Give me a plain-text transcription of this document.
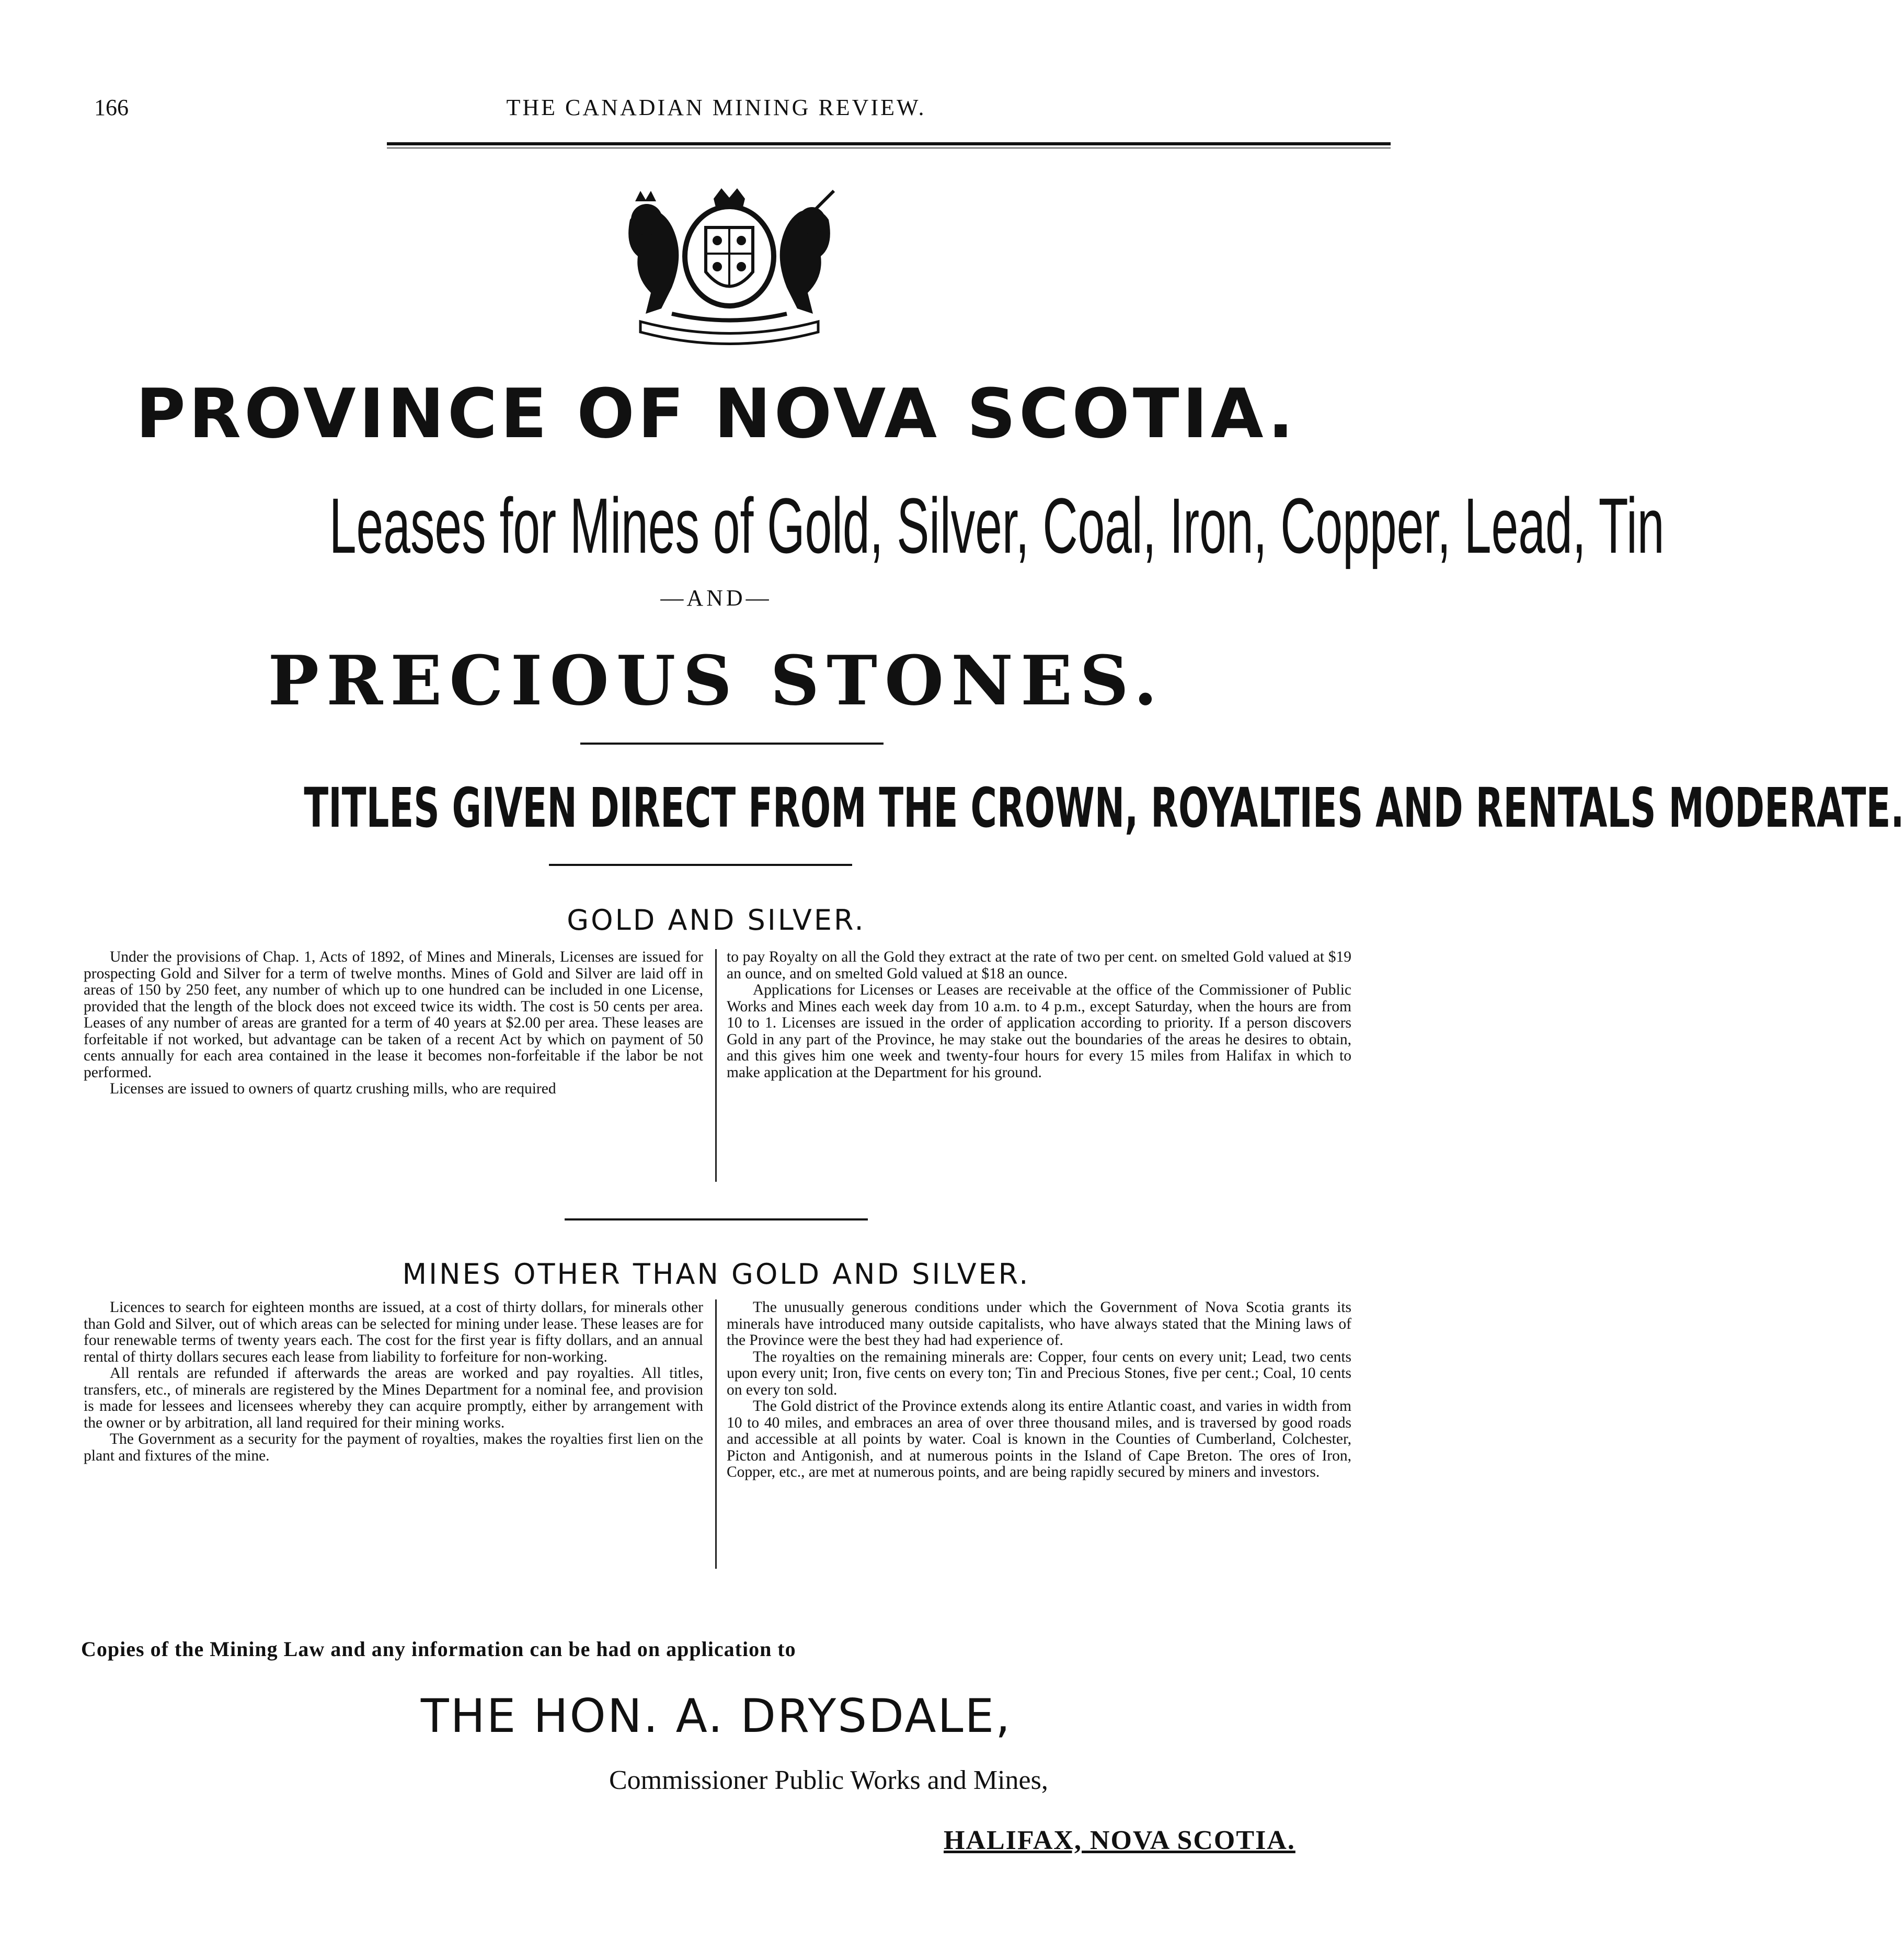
166	THE CANADIAN MINING REVIEW.
PROVINCE OF NOVA SCOTIA.
Leases for Mines of Gold, Silver, Coal, Iron, Copper, Lead, Tin
—AND—
PRECIOUS STONES.
TITLES GIVEN DIRECT FROM THE CROWN, ROYALTIES AND RENTALS MODERATE.
GOLD AND SILVER.

Under the provisions of Chap. 1, Acts of 1892, of Mines and Minerals, Licenses are issued for prospecting Gold and Silver for a term of twelve months. Mines of Gold and Silver are laid off in areas of 150 by 250 feet, any number of which up to one hundred can be included in one License, provided that the length of the block does not exceed twice its width. The cost is 50 cents per area. Leases of any number of areas are granted for a term of 40 years at $2.00 per area. These leases are forfeitable if not worked, but advantage can be taken of a recent Act by which on payment of 50 cents annually for each area contained in the lease it becomes non-forfeitable if the labor be not performed.

Licenses are issued to owners of quartz crushing mills, who are required

to pay Royalty on all the Gold they extract at the rate of two per cent. on smelted Gold valued at $19 an ounce, and on smelted Gold valued at $18 an ounce.

Applications for Licenses or Leases are receivable at the office of the Commissioner of Public Works and Mines each week day from 10 a.m. to 4 p.m., except Saturday, when the hours are from 10 to 1. Licenses are issued in the order of application according to priority. If a person discovers Gold in any part of the Province, he may stake out the boundaries of the areas he desires to obtain, and this gives him one week and twenty-four hours for every 15 miles from Halifax in which to make application at the Department for his ground.

MINES OTHER THAN GOLD AND SILVER.

Licences to search for eighteen months are issued, at a cost of thirty dollars, for minerals other than Gold and Silver, out of which areas can be selected for mining under lease. These leases are for four renewable terms of twenty years each. The cost for the first year is fifty dollars, and an annual rental of thirty dollars secures each lease from liability to forfeiture for non-working.

All rentals are refunded if afterwards the areas are worked and pay royalties. All titles, transfers, etc., of minerals are registered by the Mines Department for a nominal fee, and provision is made for lessees and licensees whereby they can acquire promptly, either by arrangement with the owner or by arbitration, all land required for their mining works.

The Government as a security for the payment of royalties, makes the royalties first lien on the plant and fixtures of the mine.

The unusually generous conditions under which the Government of Nova Scotia grants its minerals have introduced many outside capitalists, who have always stated that the Mining laws of the Province were the best they had had experience of.

The royalties on the remaining minerals are: Copper, four cents on every unit; Lead, two cents upon every unit; Iron, five cents on every ton; Tin and Precious Stones, five per cent.; Coal, 10 cents on every ton sold.

The Gold district of the Province extends along its entire Atlantic coast, and varies in width from 10 to 40 miles, and embraces an area of over three thousand miles, and is traversed by good roads and accessible at all points by water. Coal is known in the Counties of Cumberland, Colchester, Picton and Antigonish, and at numerous points in the Island of Cape Breton. The ores of Iron, Copper, etc., are met at numerous points, and are being rapidly secured by miners and investors.

Copies of the Mining Law and any information can be had on application to
THE HON. A. DRYSDALE,
Commissioner Public Works and Mines,
HALIFAX, NOVA SCOTIA.
